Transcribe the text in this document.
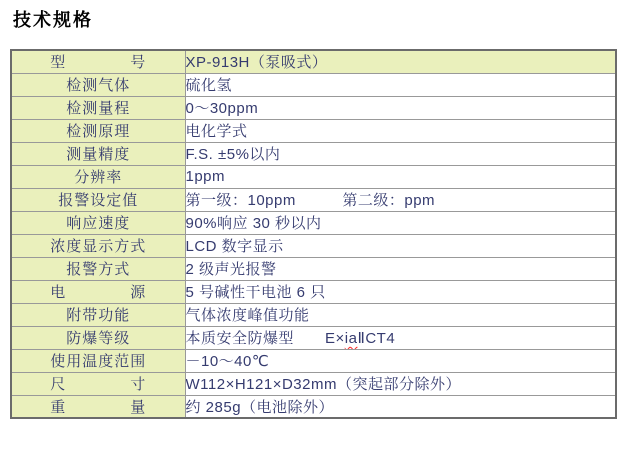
技术规格
型　　　　号	XP-913H（泵吸式）
检测气体	硫化氢
检测量程	0～30ppm
检测原理	电化学式
测量精度	F.S. ±5%以内
分辨率	1ppm
报警设定值	第一级：10ppm　　　第二级：ppm
响应速度	90%响应 30 秒以内
浓度显示方式	LCD 数字显示
报警方式	2 级声光报警
电　　　　源	5 号碱性干电池 6 只
附带功能	气体浓度峰值功能
防爆等级	本质安全防爆型　　E×iaⅡCT4
使用温度范围	－10～40℃
尺　　　　寸	W112×H121×D32mm（突起部分除外）
重　　　　量	约 285g（电池除外）
